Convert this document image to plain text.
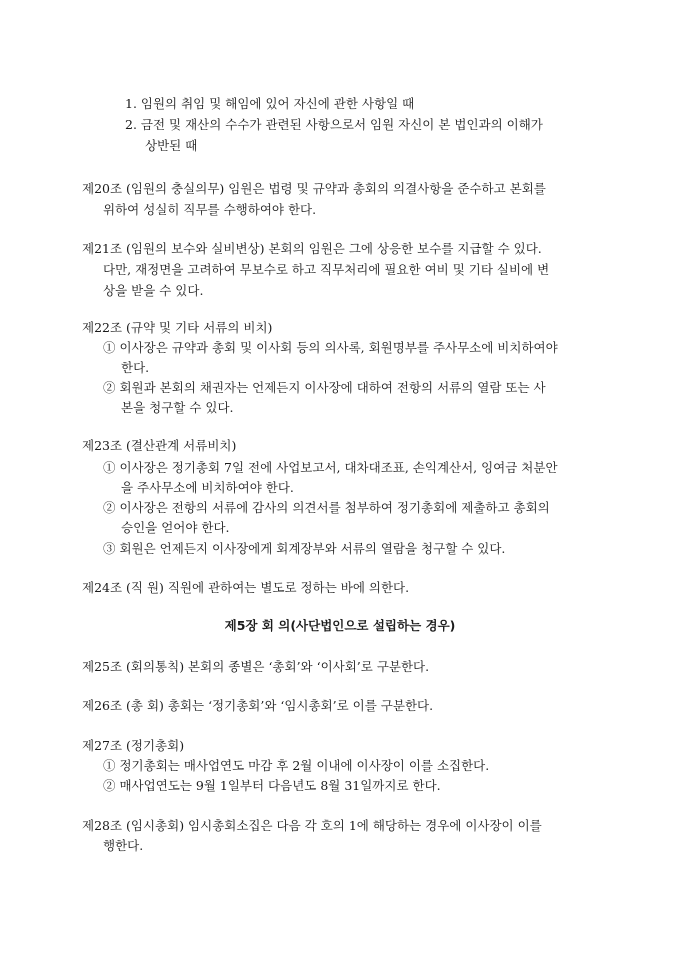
1. 임원의 취임 및 해임에 있어 자신에 관한 사항일 때
2. 금전 및 재산의 수수가 관련된 사항으로서 임원 자신이 본 법인과의 이해가
상반된 때
제20조 (임원의 충실의무) 임원은 법령 및 규약과 총회의 의결사항을 준수하고 본회를
위하여 성실히 직무를 수행하여야 한다.
제21조 (임원의 보수와 실비변상) 본회의 임원은 그에 상응한 보수를 지급할 수 있다.
다만, 재정면을 고려하여 무보수로 하고 직무처리에 필요한 여비 및 기타 실비에 변
상을 받을 수 있다.
제22조 (규약 및 기타 서류의 비치)
① 이사장은 규약과 총회 및 이사회 등의 의사록, 회원명부를 주사무소에 비치하여야
한다.
② 회원과 본회의 채권자는 언제든지 이사장에 대하여 전항의 서류의 열람 또는 사
본을 청구할 수 있다.
제23조 (결산관계 서류비치)
① 이사장은 정기총회 7일 전에 사업보고서, 대차대조표, 손익계산서, 잉여금 처분안
을 주사무소에 비치하여야 한다.
② 이사장은 전항의 서류에 감사의 의견서를 첨부하여 정기총회에 제출하고 총회의
승인을 얻어야 한다.
③ 회원은 언제든지 이사장에게 회계장부와 서류의 열람을 청구할 수 있다.
제24조 (직 원) 직원에 관하여는 별도로 정하는 바에 의한다.
제5장 회 의(사단법인으로 설립하는 경우)
제25조 (회의통칙) 본회의 종별은 ‘총회’와 ‘이사회’로 구분한다.
제26조 (총 회) 총회는 ‘정기총회’와 ‘임시총회’로 이를 구분한다.
제27조 (정기총회)
① 정기총회는 매사업연도 마감 후 2월 이내에 이사장이 이를 소집한다.
② 매사업연도는 9월 1일부터 다음년도 8월 31일까지로 한다.
제28조 (임시총회) 임시총회소집은 다음 각 호의 1에 해당하는 경우에 이사장이 이를
행한다.
